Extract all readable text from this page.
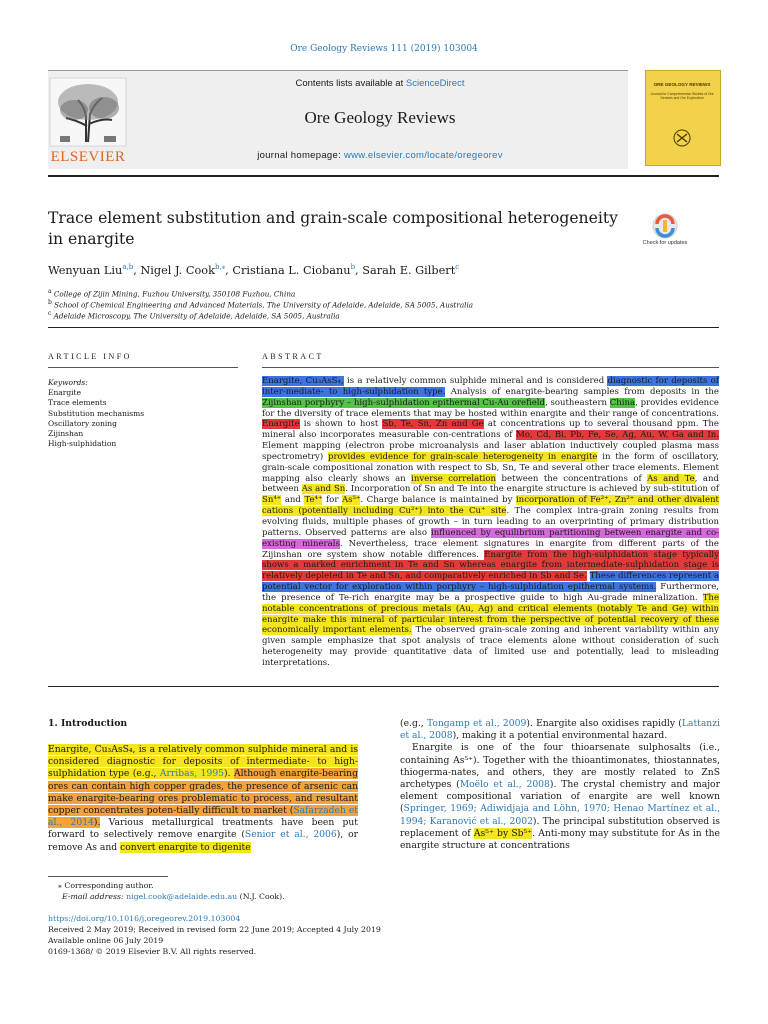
Ore Geology Reviews 111 (2019) 103004
ELSEVIER
Contents lists available at ScienceDirect
Ore Geology Reviews
journal homepage: www.elsevier.com/locate/oregeorev
ORE GEOLOGY REVIEWS
Journal for Comprehensive Studies of Ore Genesis and Ore Exploration
Trace element substitution and grain-scale compositional heterogeneity in enargite	Check for updates
Wenyuan Liu$^{a,b}$, Nigel J. Cook$^{b,⁎}$, Cristiana L. Ciobanu$^b$, Sarah E. Gilbert$^c$
$^a$ College of Zijin Mining, Fuzhou University, 350108 Fuzhou, China
$^b$ School of Chemical Engineering and Advanced Materials, The University of Adelaide, Adelaide, SA 5005, Australia
$^c$ Adelaide Microscopy, The University of Adelaide, Adelaide, SA 5005, Australia
ARTICLE INFO
Keywords:
Enargite
Trace elements
Substitution mechanisms
Oscillatory zoning
Zijinshan
High-sulphidation
ABSTRACT
Enargite, Cu₃AsS₄, is a relatively common sulphide mineral and is considered diagnostic for deposits of inter-mediate- to high-sulphidation type. Analysis of enargite-bearing samples from deposits in the Zijinshan porphyry – high-sulphidation epithermal Cu-Au orefield, southeastern China, provides evidence for the diversity of trace elements that may be hosted within enargite and their range of concentrations. Enargite is shown to host Sb, Te, Sn, Zn and Ge at concentrations up to several thousand ppm. The mineral also incorporates measurable con-centrations of Mo, Cd, Bi, Pb, Fe, Se, Ag, Au, W, Ga and In. Element mapping (electron probe microanalysis and laser ablation inductively coupled plasma mass spectrometry) provides evidence for grain-scale heterogeneity in enargite in the form of oscillatory, grain-scale compositional zonation with respect to Sb, Sn, Te and several other trace elements. Element mapping also clearly shows an inverse correlation between the concentrations of As and Te, and between As and Sn. Incorporation of Sn and Te into the enargite structure is achieved by sub-stitution of Sn⁴⁺ and Te⁴⁺ for As⁵⁺. Charge balance is maintained by incorporation of Fe²⁺, Zn²⁺ and other divalent cations (potentially including Cu²⁺) into the Cu⁺ site. The complex intra-grain zoning results from evolving fluids, multiple phases of growth – in turn leading to an overprinting of primary distribution patterns. Observed patterns are also influenced by equilibrium partitioning between enargite and co-existing minerals. Nevertheless, trace element signatures in enargite from different parts of the Zijinshan ore system show notable differences. Enargite from the high-sulphidation stage typically shows a marked enrichment in Te and Sn whereas enargite from intermediate-sulphidation stage is relatively depleted in Te and Sn, and comparatively enriched in Sb and Se. These differences represent a potential vector for exploration within porphyry – high-sulphidation epithermal systems. Furthermore, the presence of Te-rich enargite may be a prospective guide to high Au-grade mineralization. The notable concentrations of precious metals (Au, Ag) and critical elements (notably Te and Ge) within enargite make this mineral of particular interest from the perspective of potential recovery of these economically important elements. The observed grain-scale zoning and inherent variability within any given sample emphasize that spot analysis of trace elements alone without consideration of such heterogeneity may provide quantitative data of limited use and potentially, lead to misleading interpretations.
1. Introduction
Enargite, Cu₃AsS₄, is a relatively common sulphide mineral and is considered diagnostic for deposits of intermediate- to high-sulphidation type (e.g., Arribas, 1995). Although enargite-bearing ores can contain high copper grades, the presence of arsenic can make enargite-bearing ores problematic to process, and resultant copper concentrates poten-tially difficult to market (Safarzadeh et al., 2014). Various metallurgical treatments have been put forward to selectively remove enargite (Senior et al., 2006), or remove As and convert enargite to digenite
(e.g., Tongamp et al., 2009). Enargite also oxidises rapidly (Lattanzi et al., 2008), making it a potential environmental hazard.
Enargite is one of the four thioarsenate sulphosalts (i.e., containing As⁵⁺). Together with the thioantimonates, thiostannates, thiogerma-nates, and others, they are mostly related to ZnS archetypes (Moëlo et al., 2008). The crystal chemistry and major element compositional variation of enargite are well known (Springer, 1969; Adiwidjaja and Löhn, 1970; Henao Martínez et al., 1994; Karanović et al., 2002). The principal substitution observed is replacement of As⁵⁺ by Sb⁵⁺. Anti-mony may substitute for As in the enargite structure at concentrations
⁎ Corresponding author.
E-mail address: nigel.cook@adelaide.edu.au (N.J. Cook).
https://doi.org/10.1016/j.oregeorev.2019.103004
Received 2 May 2019; Received in revised form 22 June 2019; Accepted 4 July 2019
Available online 06 July 2019
0169-1368/ © 2019 Elsevier B.V. All rights reserved.
